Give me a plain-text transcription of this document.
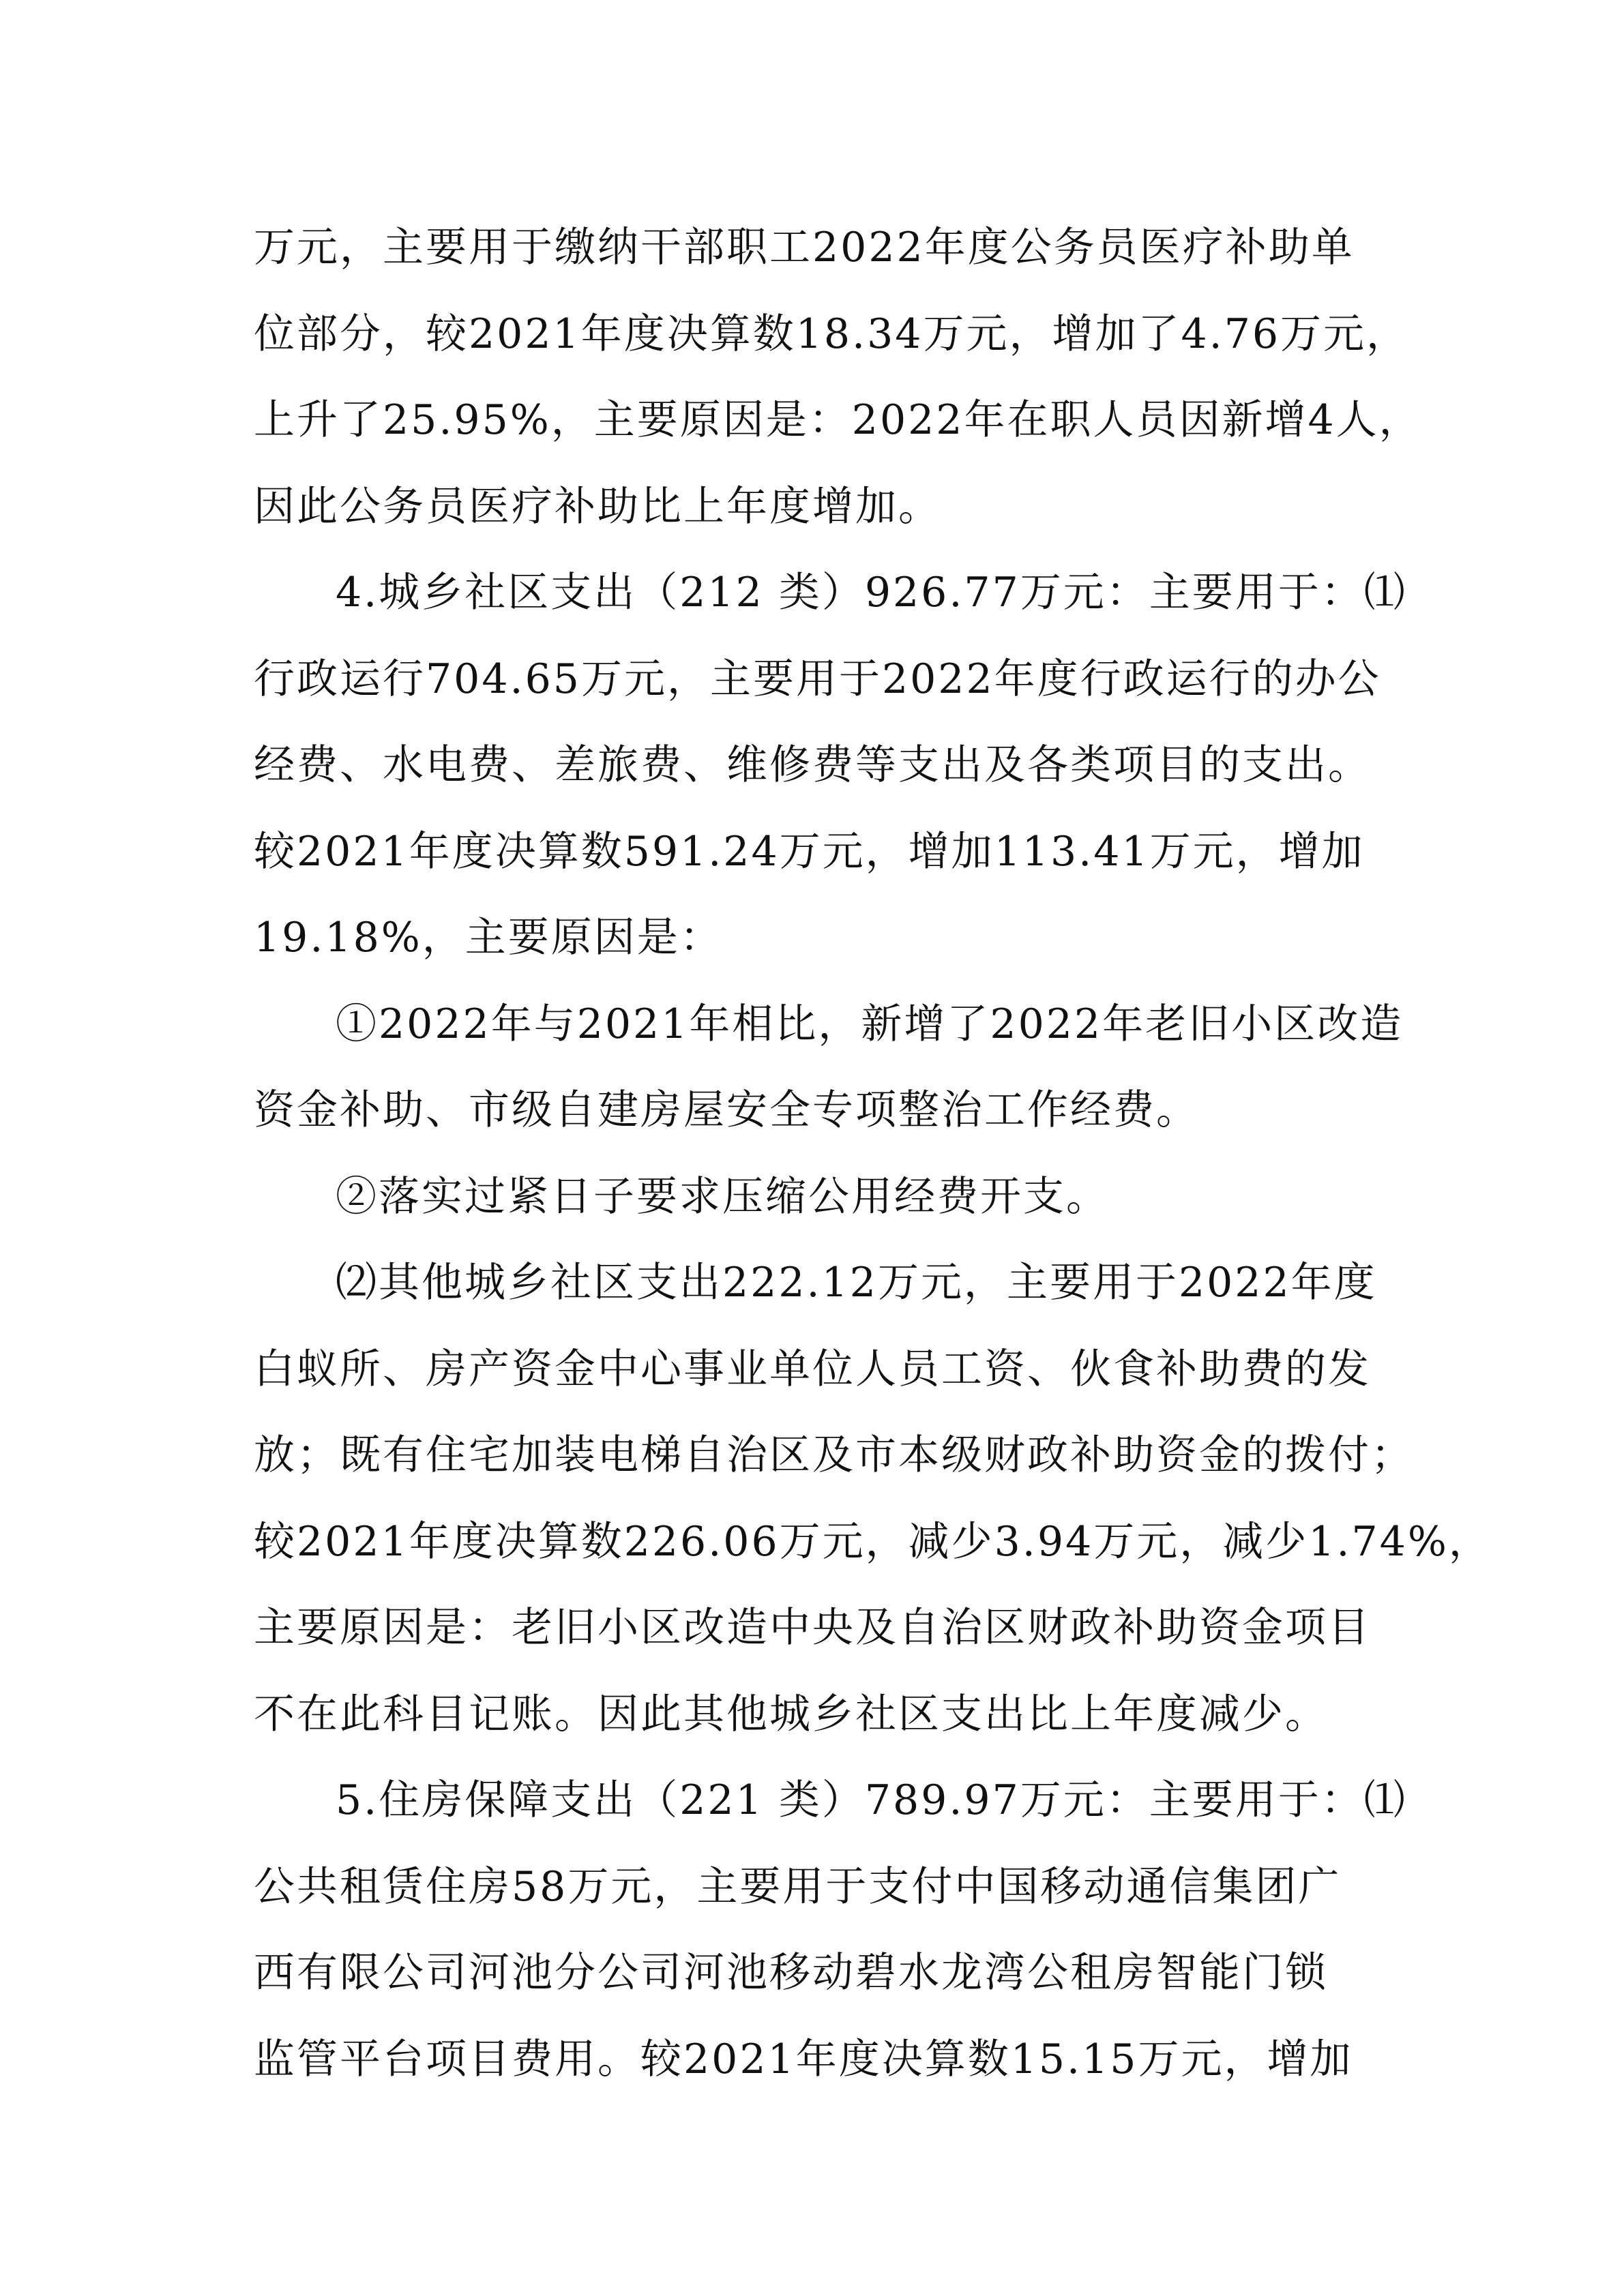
万元，主要用于缴纳干部职工2022年度公务员医疗补助单
位部分，较2021年度决算数18.34万元，增加了4.76万元，
上升了25.95%，主要原因是：2022年在职人员因新增4人，
因此公务员医疗补助比上年度增加。
4.城乡社区支出（212 类）926.77万元：主要用于：⑴
行政运行704.65万元，主要用于2022年度行政运行的办公
经费、水电费、差旅费、维修费等支出及各类项目的支出。
较2021年度决算数591.24万元，增加113.41万元，增加
19.18%，主要原因是：
①2022年与2021年相比，新增了2022年老旧小区改造
资金补助、市级自建房屋安全专项整治工作经费。
②落实过紧日子要求压缩公用经费开支。
⑵其他城乡社区支出222.12万元，主要用于2022年度
白蚁所、房产资金中心事业单位人员工资、伙食补助费的发
放；既有住宅加装电梯自治区及市本级财政补助资金的拨付；
较2021年度决算数226.06万元，减少3.94万元，减少1.74%，
主要原因是：老旧小区改造中央及自治区财政补助资金项目
不在此科目记账。因此其他城乡社区支出比上年度减少。
5.住房保障支出（221 类）789.97万元：主要用于：⑴
公共租赁住房58万元，主要用于支付中国移动通信集团广
西有限公司河池分公司河池移动碧水龙湾公租房智能门锁
监管平台项目费用。较2021年度决算数15.15万元，增加
